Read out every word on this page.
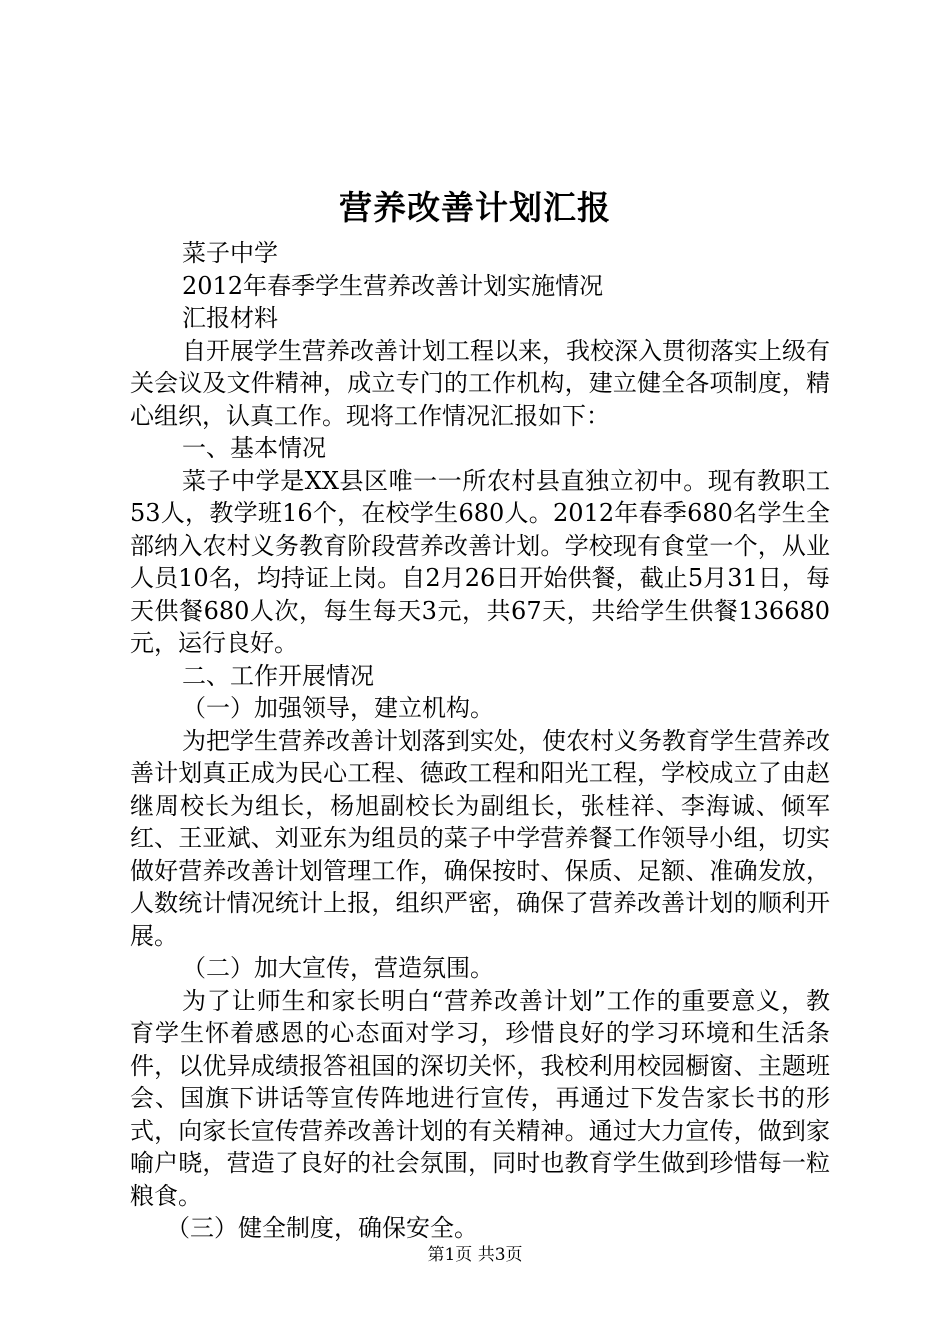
营养改善计划汇报

菜子中学

2012年春季学生营养改善计划实施情况

汇报材料

自开展学生营养改善计划工程以来，我校深入贯彻落实上级有关会议及文件精神，成立专门的工作机构，建立健全各项制度，精心组织，认真工作。现将工作情况汇报如下：

一、基本情况

菜子中学是XX县区唯一一所农村县直独立初中。现有教职工53人，教学班16个，在校学生680人。2012年春季680名学生全部纳入农村义务教育阶段营养改善计划。学校现有食堂一个，从业人员10名，均持证上岗。自2月26日开始供餐，截止5月31日，每天供餐680人次，每生每天3元，共67天，共给学生供餐136680元，运行良好。

二、工作开展情况

（一）加强领导，建立机构。

为把学生营养改善计划落到实处，使农村义务教育学生营养改善计划真正成为民心工程、德政工程和阳光工程，学校成立了由赵继周校长为组长，杨旭副校长为副组长，张桂祥、李海诚、倾军红、王亚斌、刘亚东为组员的菜子中学营养餐工作领导小组，切实做好营养改善计划管理工作，确保按时、保质、足额、准确发放，人数统计情况统计上报，组织严密，确保了营养改善计划的顺利开展。

（二）加大宣传，营造氛围。

为了让师生和家长明白“营养改善计划”工作的重要意义，教育学生怀着感恩的心态面对学习，珍惜良好的学习环境和生活条件，以优异成绩报答祖国的深切关怀，我校利用校园橱窗、主题班会、国旗下讲话等宣传阵地进行宣传，再通过下发告家长书的形式，向家长宣传营养改善计划的有关精神。通过大力宣传，做到家喻户晓，营造了良好的社会氛围，同时也教育学生做到珍惜每一粒粮食。

（三）健全制度，确保安全。

第1页 共3页
